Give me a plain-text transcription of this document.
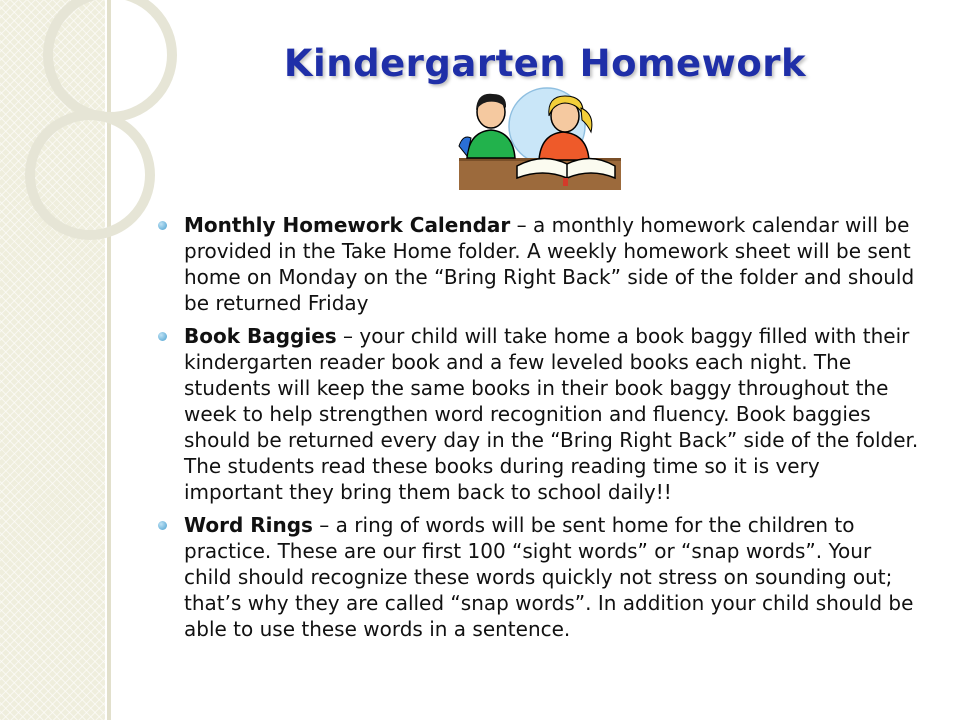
Kindergarten Homework
Monthly Homework Calendar – a monthly homework calendar will be provided in the Take Home folder. A weekly homework sheet will be sent home on Monday on the “Bring Right Back” side of the folder and should be returned Friday
Book Baggies – your child will take home a book baggy filled with their kindergarten reader book and a few leveled books each night. The students will keep the same books in their book baggy throughout the week to help strengthen word recognition and fluency. Book baggies should be returned every day in the “Bring Right Back” side of the folder. The students read these books during reading time so it is very important they bring them back to school daily!!
Word Rings – a ring of words will be sent home for the children to practice. These are our first 100 “sight words” or “snap words”. Your child should recognize these words quickly not stress on sounding out; that’s why they are called “snap words”. In addition your child should be able to use these words in a sentence.
